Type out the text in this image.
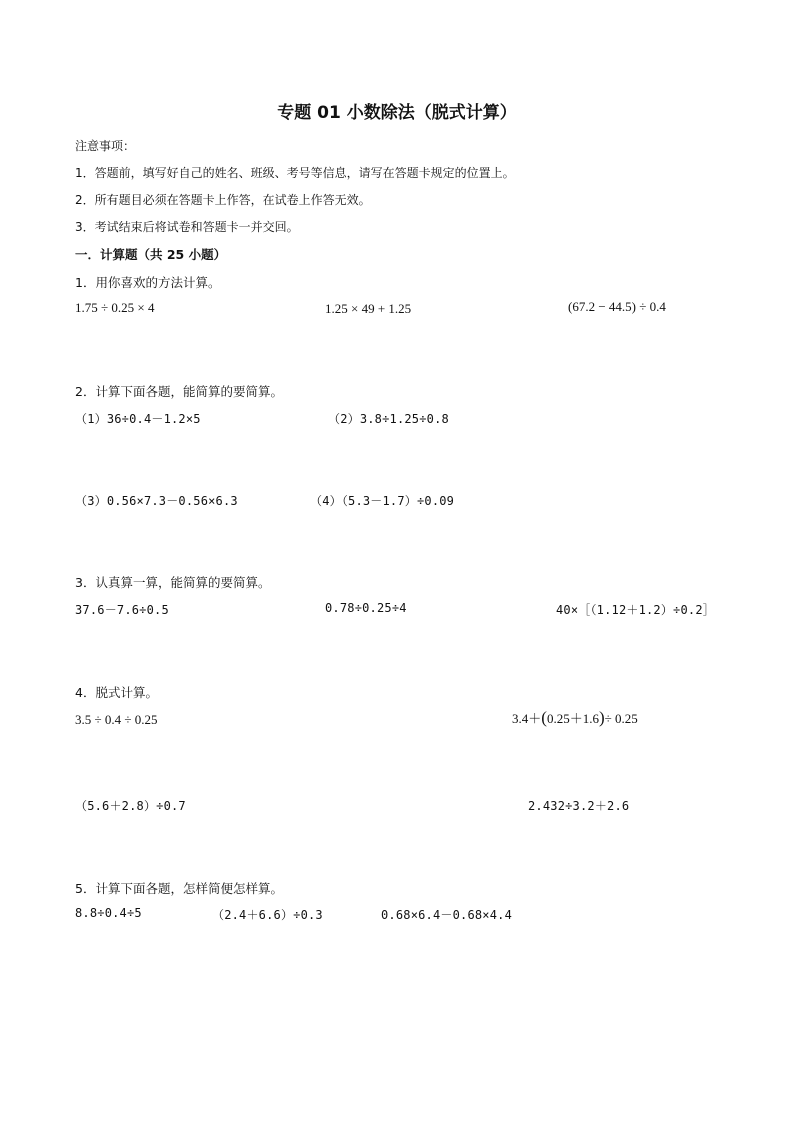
专题 01 小数除法（脱式计算）
注意事项：
1．答题前，填写好自己的姓名、班级、考号等信息，请写在答题卡规定的位置上。
2．所有题目必须在答题卡上作答，在试卷上作答无效。
3．考试结束后将试卷和答题卡一并交回。
一．计算题（共 25 小题）
1．用你喜欢的方法计算。
1.75 ÷ 0.25 × 4	1.25 × 49 + 1.25	(67.2 − 44.5) ÷ 0.4
2．计算下面各题，能简算的要简算。
（1）36÷0.4－1.2×5	（2）3.8÷1.25÷0.8
（3）0.56×7.3－0.56×6.3	（4）（5.3－1.7）÷0.09
3．认真算一算，能简算的要简算。
37.6－7.6÷0.5	0.78÷0.25÷4	40×［（1.12＋1.2）÷0.2］
4．脱式计算。
3.5 ÷ 0.4 ÷ 0.25	3.4＋(0.25＋1.6)÷ 0.25
（5.6＋2.8）÷0.7	2.432÷3.2＋2.6
5．计算下面各题，怎样简便怎样算。
8.8÷0.4÷5	（2.4＋6.6）÷0.3	0.68×6.4－0.68×4.4
